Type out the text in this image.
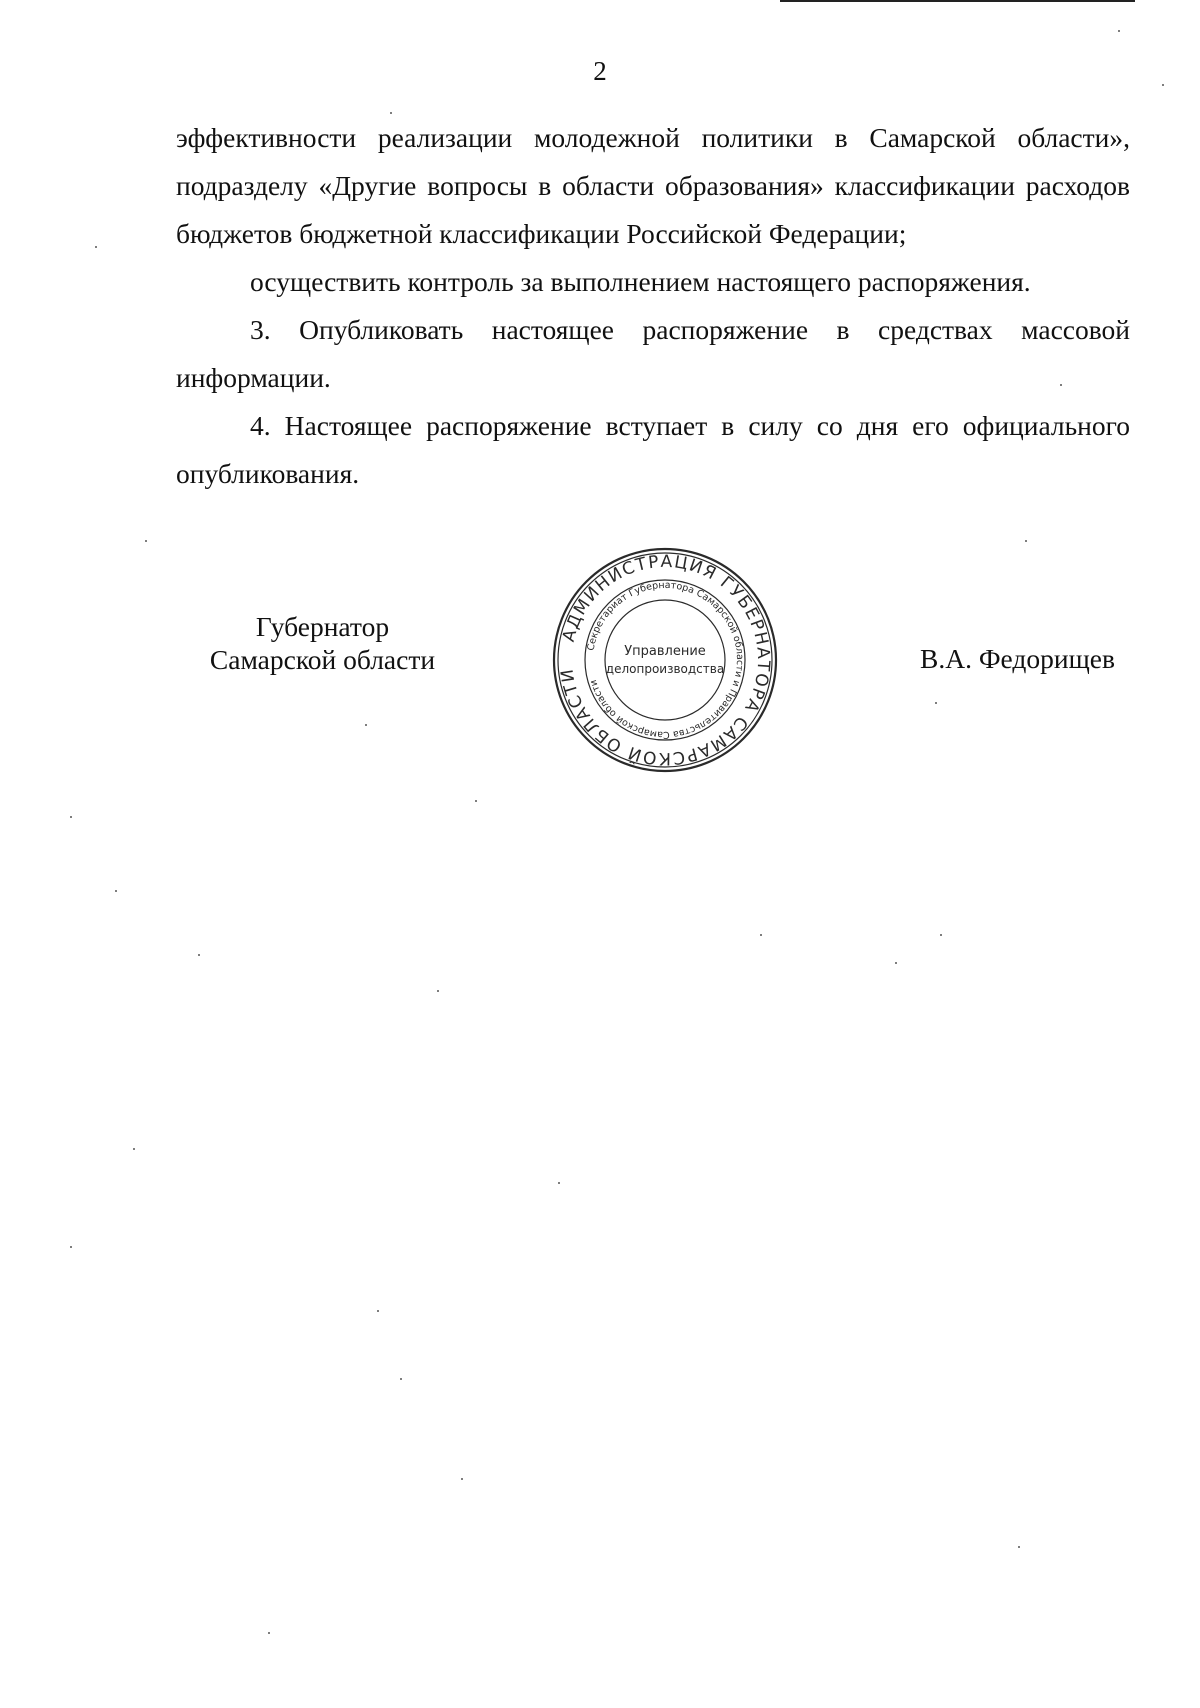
2

эффективности реализации молодежной политики в Самарской области», подразделу «Другие вопросы в области образования» классификации расходов бюджетов бюджетной классификации Российской Федерации;

осуществить контроль за выполнением настоящего распоряжения.

3. Опубликовать настоящее распоряжение в средствах массовой информации.

4. Настоящее распоряжение вступает в силу со дня его официального опубликования.

Губернатор
Самарской области
АДМИНИСТРАЦИЯ ГУБЕРНАТОРА САМАРСКОЙ ОБЛАСТИ
Секретариат Губернатора Самарской области и Правительства Самарской области
Управление
делопроизводства	В.А. Федорищев
